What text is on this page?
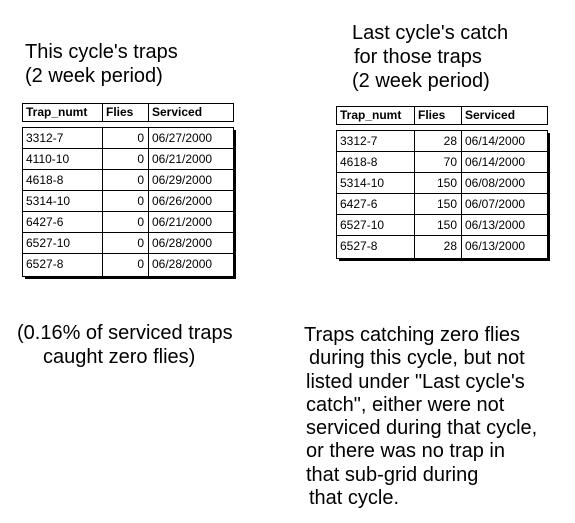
This cycle's traps
(2 week period)
Last cycle's catch
for those traps
(2 week period)
Trap_numt	Flies	Serviced
3312-7	0 06/27/2000
4110-10	0 06/21/2000
4618-8	0 06/29/2000
5314-10	0 06/26/2000
6427-6	0 06/21/2000
6527-10	0 06/28/2000
6527-8	0 06/28/2000
Trap_numt	Flies	Serviced
3312-7	28 06/14/2000
4618-8	70 06/14/2000
5314-10	150 06/08/2000
6427-6	150 06/07/2000
6527-10	150 06/13/2000
6527-8	28 06/13/2000
(0.16% of serviced traps
caught zero flies)
Traps catching zero flies
during this cycle, but not
listed under "Last cycle's
catch", either were not
serviced during that cycle,
or there was no trap in
that sub-grid during
that cycle.
